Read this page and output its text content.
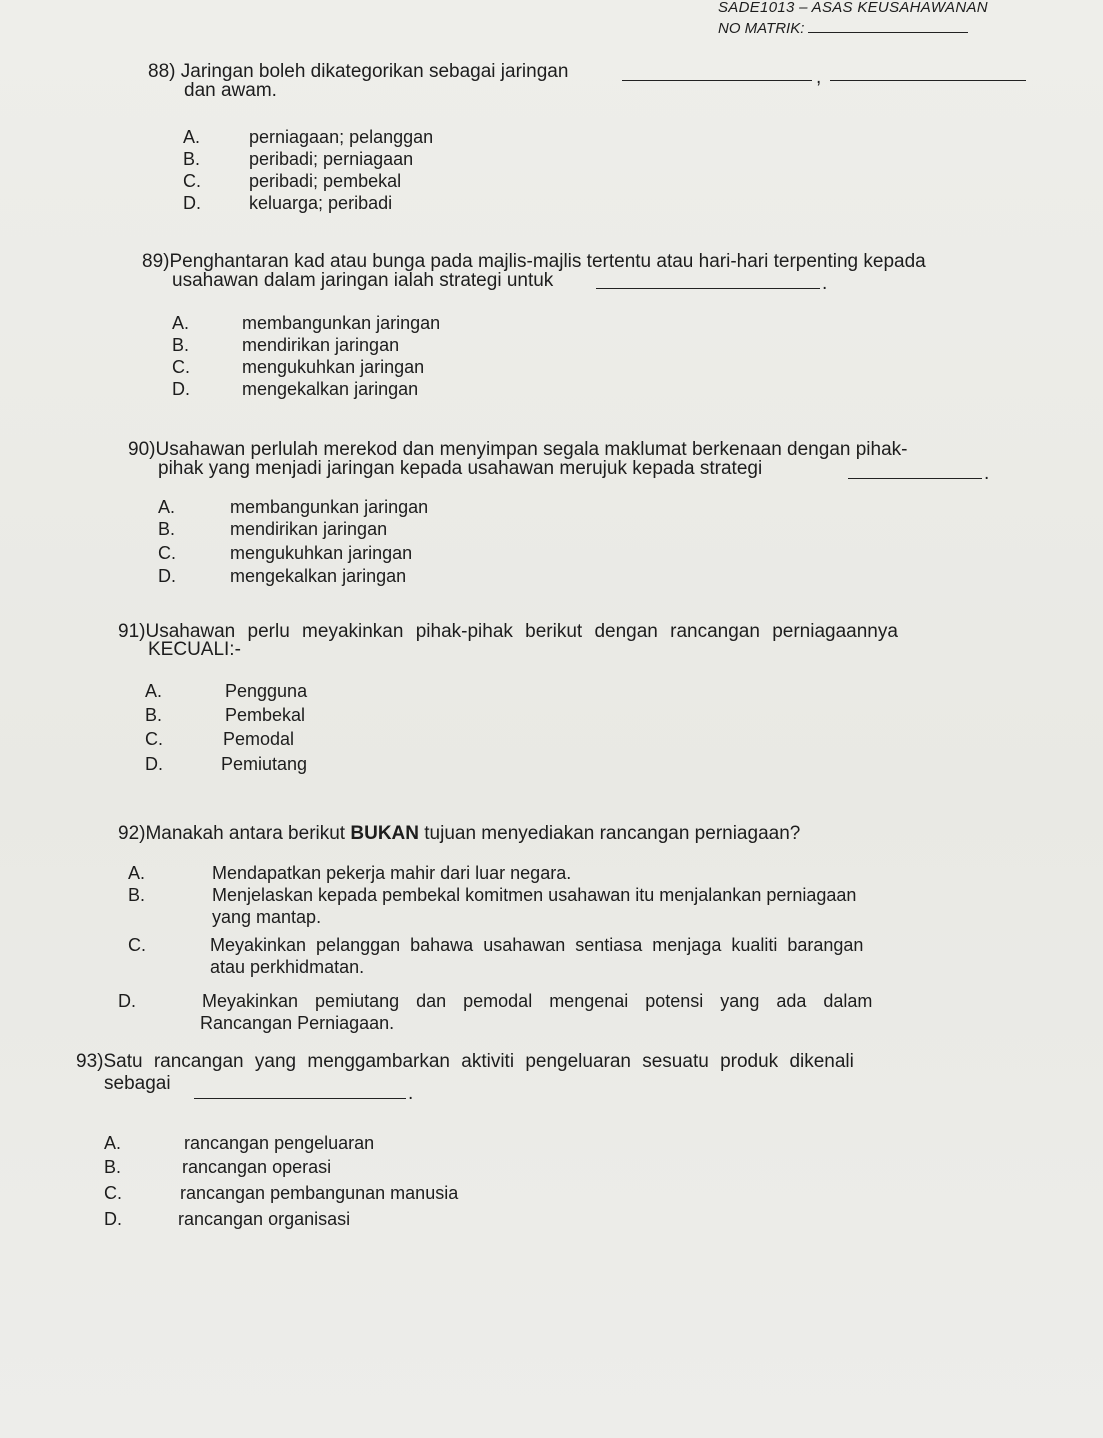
SADE1013 – ASAS KEUSAHAWANAN
NO MATRIK:
88) Jaringan boleh dikategorikan sebagai jaringan	,
dan awam.
A.	perniagaan; pelanggan
B.	peribadi; perniagaan
C.	peribadi; pembekal
D.	keluarga; peribadi
89)Penghantaran kad atau bunga pada majlis-majlis tertentu atau hari-hari terpenting kepada
usahawan dalam jaringan ialah strategi untuk	.
A.	membangunkan jaringan
B.	mendirikan jaringan
C.	mengukuhkan jaringan
D.	mengekalkan jaringan
90)Usahawan perlulah merekod dan menyimpan segala maklumat berkenaan dengan pihak-
pihak yang menjadi jaringan kepada usahawan merujuk kepada strategi	.
A.	membangunkan jaringan
B.	mendirikan jaringan
C.	mengukuhkan jaringan
D.	mengekalkan jaringan
91)Usahawan perlu meyakinkan pihak-pihak berikut dengan rancangan perniagaannya
KECUALI:-
A.	Pengguna
B.	Pembekal
C.	Pemodal
D.	Pemiutang
92)Manakah antara berikut BUKAN tujuan menyediakan rancangan perniagaan?
A.	Mendapatkan pekerja mahir dari luar negara.
B.	Menjelaskan kepada pembekal komitmen usahawan itu menjalankan perniagaan
yang mantap.
C.	Meyakinkan pelanggan bahawa usahawan sentiasa menjaga kualiti barangan
atau perkhidmatan.
D.	Meyakinkan pemiutang dan pemodal mengenai potensi yang ada dalam
Rancangan Perniagaan.
93)Satu rancangan yang menggambarkan aktiviti pengeluaran sesuatu produk dikenali
sebagai	.
A.	rancangan pengeluaran
B.	rancangan operasi
C.	rancangan pembangunan manusia
D.	rancangan organisasi
